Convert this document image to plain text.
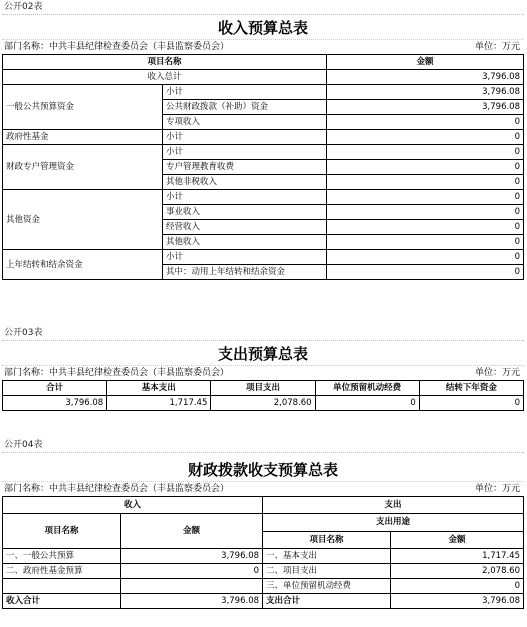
公开02表
收入预算总表
部门名称：中共丰县纪律检查委员会（丰县监察委员会）	单位：万元
项目名称		金额
收入总计		3,796.08
一般公共预算资金	小计	3,796.08
	公共财政拨款（补助）资金	3,796.08
	专项收入	0
政府性基金	小计	0
财政专户管理资金	小计	0
	专户管理教育收费	0
	其他非税收入	0
其他资金	小计	0
	事业收入	0
	经营收入	0
	其他收入	0
上年结转和结余资金	小计	0
	其中：动用上年结转和结余资金	0
公开03表
支出预算总表
部门名称：中共丰县纪律检查委员会（丰县监察委员会）	单位：万元
合计	基本支出	项目支出	单位预留机动经费	结转下年资金
3,796.08	1,717.45	2,078.60	0	0
公开04表
财政拨款收支预算总表
部门名称：中共丰县纪律检查委员会（丰县监察委员会）	单位：万元
收入		支出	
项目名称	金额	支出用途	
		项目名称	金额
一、一般公共预算	3,796.08	一、基本支出	1,717.45
二、政府性基金预算	0	二、项目支出	2,078.60
		三、单位预留机动经费	0
收入合计	3,796.08	支出合计	3,796.08
